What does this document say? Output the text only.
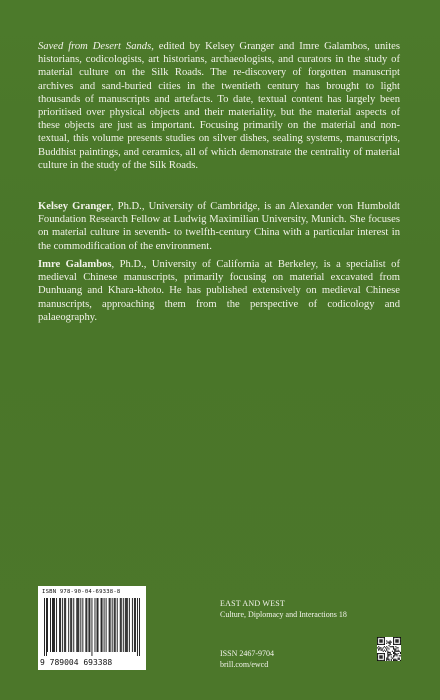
Saved from Desert Sands, edited by Kelsey Granger and Imre Galambos, unites historians, codicologists, art historians, archaeologists, and curators in the study of material culture on the Silk Roads. The re-discovery of forgotten manuscript archives and sand-buried cities in the twentieth century has brought to light thousands of manuscripts and artefacts. To date, textual content has largely been prioritised over physical objects and their materiality, but the material aspects of these objects are just as important. Focusing primarily on the material and non-textual, this volume presents studies on silver dishes, sealing systems, manuscripts, Buddhist paintings, and ceramics, all of which demonstrate the centrality of material culture in the study of the Silk Roads.

Kelsey Granger, Ph.D., University of Cambridge, is an Alexander von Humboldt Foundation Research Fellow at Ludwig Maximilian University, Munich. She focuses on material culture in seventh- to twelfth-century China with a particular interest in the commodification of the environment.

Imre Galambos, Ph.D., University of California at Berkeley, is a specialist of medieval Chinese manuscripts, primarily focusing on material excavated from Dunhuang and Khara-khoto. He has published extensively on medieval Chinese manuscripts, approaching them from the perspective of codicology and palaeography.

ISBN 978-90-04-69338-8
9 789004 693388
EAST AND WEST
Culture, Diplomacy and Interactions 18
ISSN 2467-9704
brill.com/ewcd
